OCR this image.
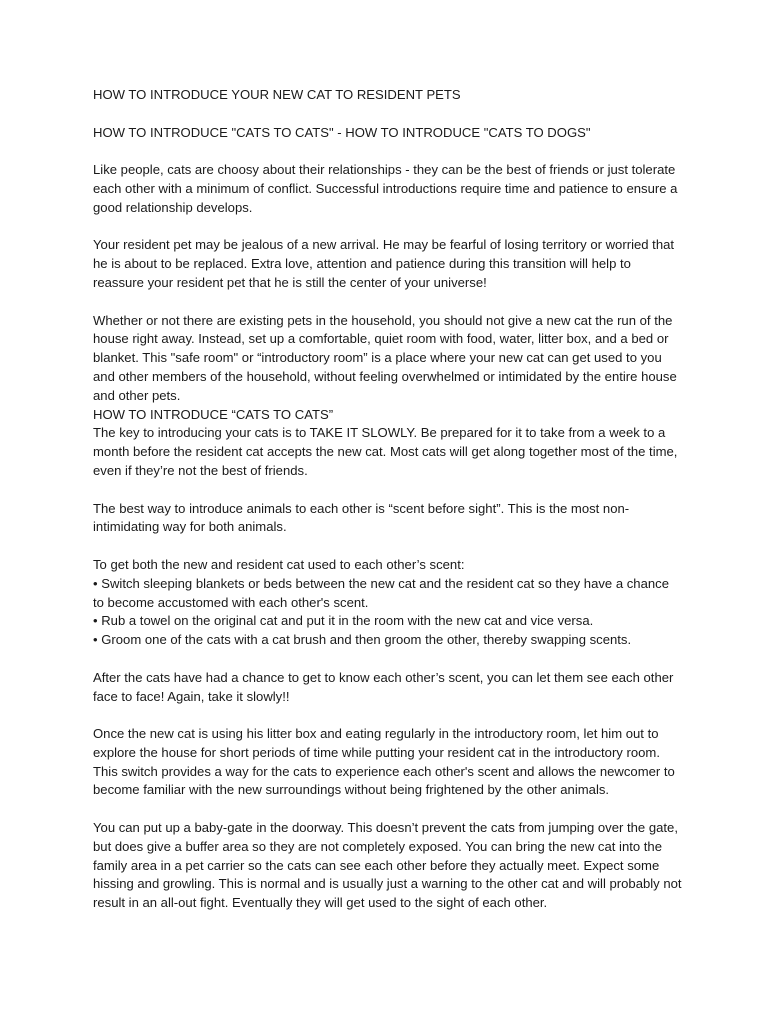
HOW TO INTRODUCE YOUR NEW CAT TO RESIDENT PETS

HOW TO INTRODUCE "CATS TO CATS" - HOW TO INTRODUCE "CATS TO DOGS"

Like people, cats are choosy about their relationships - they can be the best of friends or just tolerate each other with a minimum of conflict. Successful introductions require time and patience to ensure a good relationship develops.

Your resident pet may be jealous of a new arrival. He may be fearful of losing territory or worried that he is about to be replaced. Extra love, attention and patience during this transition will help to reassure your resident pet that he is still the center of your universe!

Whether or not there are existing pets in the household, you should not give a new cat the run of the house right away. Instead, set up a comfortable, quiet room with food, water, litter box, and a bed or blanket. This "safe room" or “introductory room” is a place where your new cat can get used to you and other members of the household, without feeling overwhelmed or intimidated by the entire house and other pets.

HOW TO INTRODUCE “CATS TO CATS”

The key to introducing your cats is to TAKE IT SLOWLY. Be prepared for it to take from a week to a month before the resident cat accepts the new cat. Most cats will get along together most of the time, even if they’re not the best of friends.

The best way to introduce animals to each other is “scent before sight”. This is the most non-intimidating way for both animals.

To get both the new and resident cat used to each other’s scent:

• Switch sleeping blankets or beds between the new cat and the resident cat so they have a chance to become accustomed with each other's scent.

• Rub a towel on the original cat and put it in the room with the new cat and vice versa.

• Groom one of the cats with a cat brush and then groom the other, thereby swapping scents.

After the cats have had a chance to get to know each other’s scent, you can let them see each other face to face! Again, take it slowly!!

Once the new cat is using his litter box and eating regularly in the introductory room, let him out to explore the house for short periods of time while putting your resident cat in the introductory room. This switch provides a way for the cats to experience each other's scent and allows the newcomer to become familiar with the new surroundings without being frightened by the other animals.

You can put up a baby-gate in the doorway. This doesn’t prevent the cats from jumping over the gate, but does give a buffer area so they are not completely exposed. You can bring the new cat into the family area in a pet carrier so the cats can see each other before they actually meet. Expect some hissing and growling. This is normal and is usually just a warning to the other cat and will probably not result in an all-out fight. Eventually they will get used to the sight of each other.
